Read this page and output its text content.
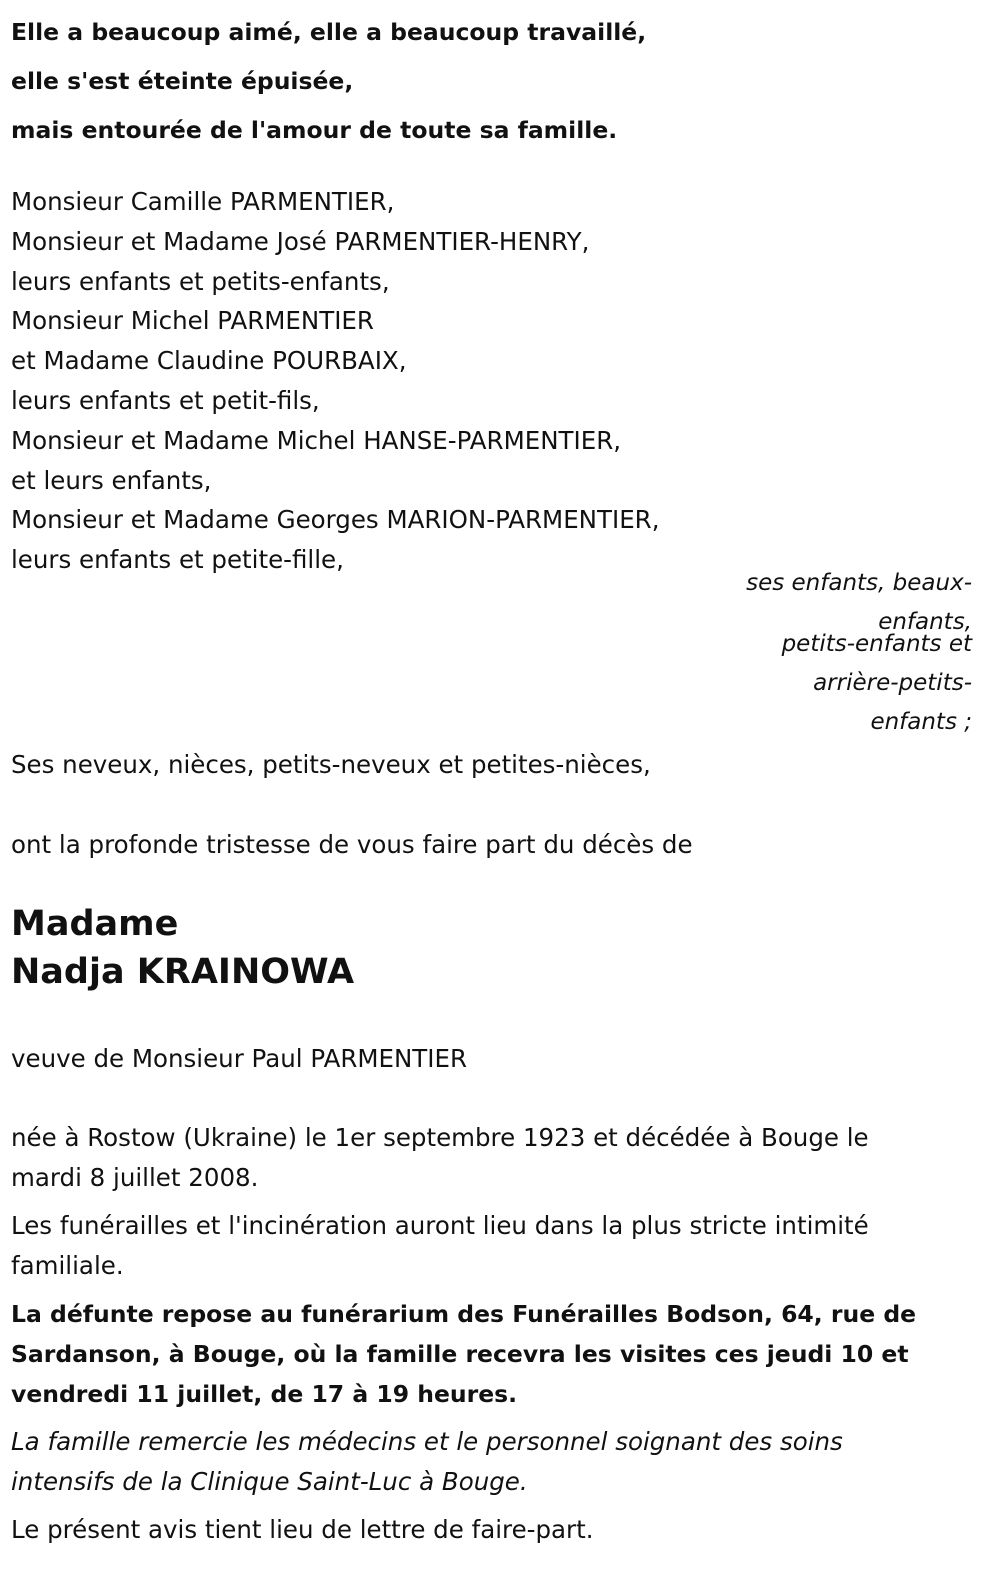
Elle a beaucoup aimé, elle a beaucoup travaillé,
elle s'est éteinte épuisée,
mais entourée de l'amour de toute sa famille.
Monsieur Camille PARMENTIER,
Monsieur et Madame José PARMENTIER-HENRY,
leurs enfants et petits-enfants,
Monsieur Michel PARMENTIER
et Madame Claudine POURBAIX,
leurs enfants et petit-fils,
Monsieur et Madame Michel HANSE-PARMENTIER,
et leurs enfants,
Monsieur et Madame Georges MARION-PARMENTIER,
leurs enfants et petite-fille,
ses enfants, beaux-
enfants,
petits-enfants et
arrière-petits-
enfants ;
Ses neveux, nièces, petits-neveux et petites-nièces,
ont la profonde tristesse de vous faire part du décès de
Madame
Nadja KRAINOWA
veuve de Monsieur Paul PARMENTIER

née à Rostow (Ukraine) le 1er septembre 1923 et décédée à Bouge le
mardi 8 juillet 2008.

Les funérailles et l'incinération auront lieu dans la plus stricte intimité
familiale.

La défunte repose au funérarium des Funérailles Bodson, 64, rue de
Sardanson, à Bouge, où la famille recevra les visites ces jeudi 10 et
vendredi 11 juillet, de 17 à 19 heures.

La famille remercie les médecins et le personnel soignant des soins
intensifs de la Clinique Saint-Luc à Bouge.

Le présent avis tient lieu de lettre de faire-part.
